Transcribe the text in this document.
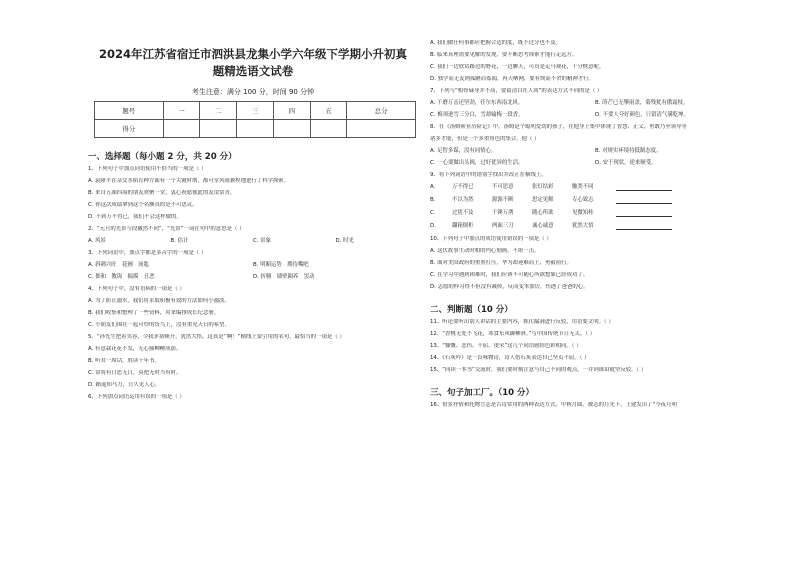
2024年江苏省宿迁市泗洪县龙集小学六年级下学期小升初真
题精选语文试卷
考生注意：满分 100 分，时间 90 分钟
题号	一	二	三	四	五	总分
得分						
一、选择题（每小题 2 分，共 20 分）
1、下列句子中加点词语使用不恰当的一项是（ ）
A. 袁隆平在杂交水稻育种方面有一个关键时期，都可堂风雨兼程地进行了科学探索。
B. 来自五湖四海的朋友欢聚一堂，衷心祝愿彼此的友谊常青。
C. 你这次成绩拿到这个名额真的是不可思议。
D. 不到万不得已，我们不会这样做的。
2、“元旦的光景与段戴然不同”，“光景”一词在句中的意思是（ ）
A. 风景	B. 估计	C. 景象	D. 时光
3、下列词语中，加点字都是多音字的一项是（ ）
A. 斜刺兴旺　花圃　汤匙	B. 明媚运势　期待嘴吧
C. 拙和　教诲　揣摸　丑恶	D. 折腾　墙壁圈养　罢动
4、下列句子中，没有语病的一项是（ ）
A. 为了防止溺水，我们将采取积极有效的方法如何小溺淡。
B. 我们收集和整理了一些资料，用来编排成长纪念册。
C. 小朋友们围在一起可怜的货鸟上，没有重见天日的希望。
5、“孙先生把着笑容，令我茅塞顿开，犹然大悟。这真是‘’啊！”横线上要引用的名句，最恰当的一项是（ ）
A. 有意栽花花不发，无心插柳柳成荫。
B. 听君一席话，胜读十年书。
C. 常将有日思无日，莫把无时当有时。
D. 路遥知马力，日久见人心。
6、下列加点词语运用有误的一项是（ ）
A. 我们做任何事都应把握合适的度，既不过分也不及。
B. 临来真理需要见解的发现，要不断思考探索才能行走远方。
C. 我们一边欣赏路边的野花，一边聊天，可真是走马观花，十分惬意呢。
D. 独学而无友则孤陋而寡闻，再天晒网，要有锲而不舍的精神才行。
7、下列与“相骨碌身并不高，要留清白在人间”的表达方式不同的是（ ）
A. 千磨万击还坚劲，任尔东西南北风。	B. 莳芒已无擎雨盖，菊残犹有傲霜枝。
C. 梅须逊雪三分白，雪却输梅一段香。	D. 不要人夸好颜色，只留清气满乾坤。
8、在《汤姆索亚历险记》中，汤姆是个聪明爱幼的孩子，在他身上集中体现了智慧、正义、勇敢乃至领导等
诸多才能，但是一个多重角色的集合。他（ ）
A. 足智多谋，没有同情心。	B. 对规实环境持抵制态度。
C. 一心要做出头揭，过好优异的生活。	D. 安于现状，逆来顺受。
9、将下列词语中的错别字找出并改正在横线上。
A.	万不得已	不可思意	张灯结彩	触类不同
B.	不以为然	源源不断	思定见解	专心致志
C.	过犹不及	千锤万凿	随心所欲	见微知桂
D.	翻箱倒柜	两面三刀	诚心诚意	犹然大悟
10、下列句子中加点的成语使用错误的一项是（ ）
A. 这伏故事生动时相的内心刻画，不堪一击。
B. 面对美国政府的重重打压，华为却迎难而上，勇毅前行。
C. 在学习中遇到困难时，我们应该不可随心所欲想象已经成功了。
D. 志愿的样习得不但没有减掉，反而变本加厉，伤透了爸爸的心。
二、判断题（10 分）
11、听论要听出别人讲话的主要内容，抓住漏洞进行反驳，用语要文明。（ ）
12、“香桃无处不飞花，寒食东风御柳斜。”与中国传统节日无关。（ ）
13、“慷慨、悲伤、不屈、虔荣”这几个词语感情色彩相同。（ ）
14、《石灰吟》是一首咏物诗，诗人借石灰表达自己坚贞不屈。（ ）
15、“同读一本书”交流时，我们要时刻注意与自己不同的观点，一并到谁由就坚反驳。（ ）
三、句子加工厂。（10 分）
16、借景抒情和托物言志是古诗常用的两种表达方式。中秋月圆，被志的月光下，王建发出了“今夜月明
